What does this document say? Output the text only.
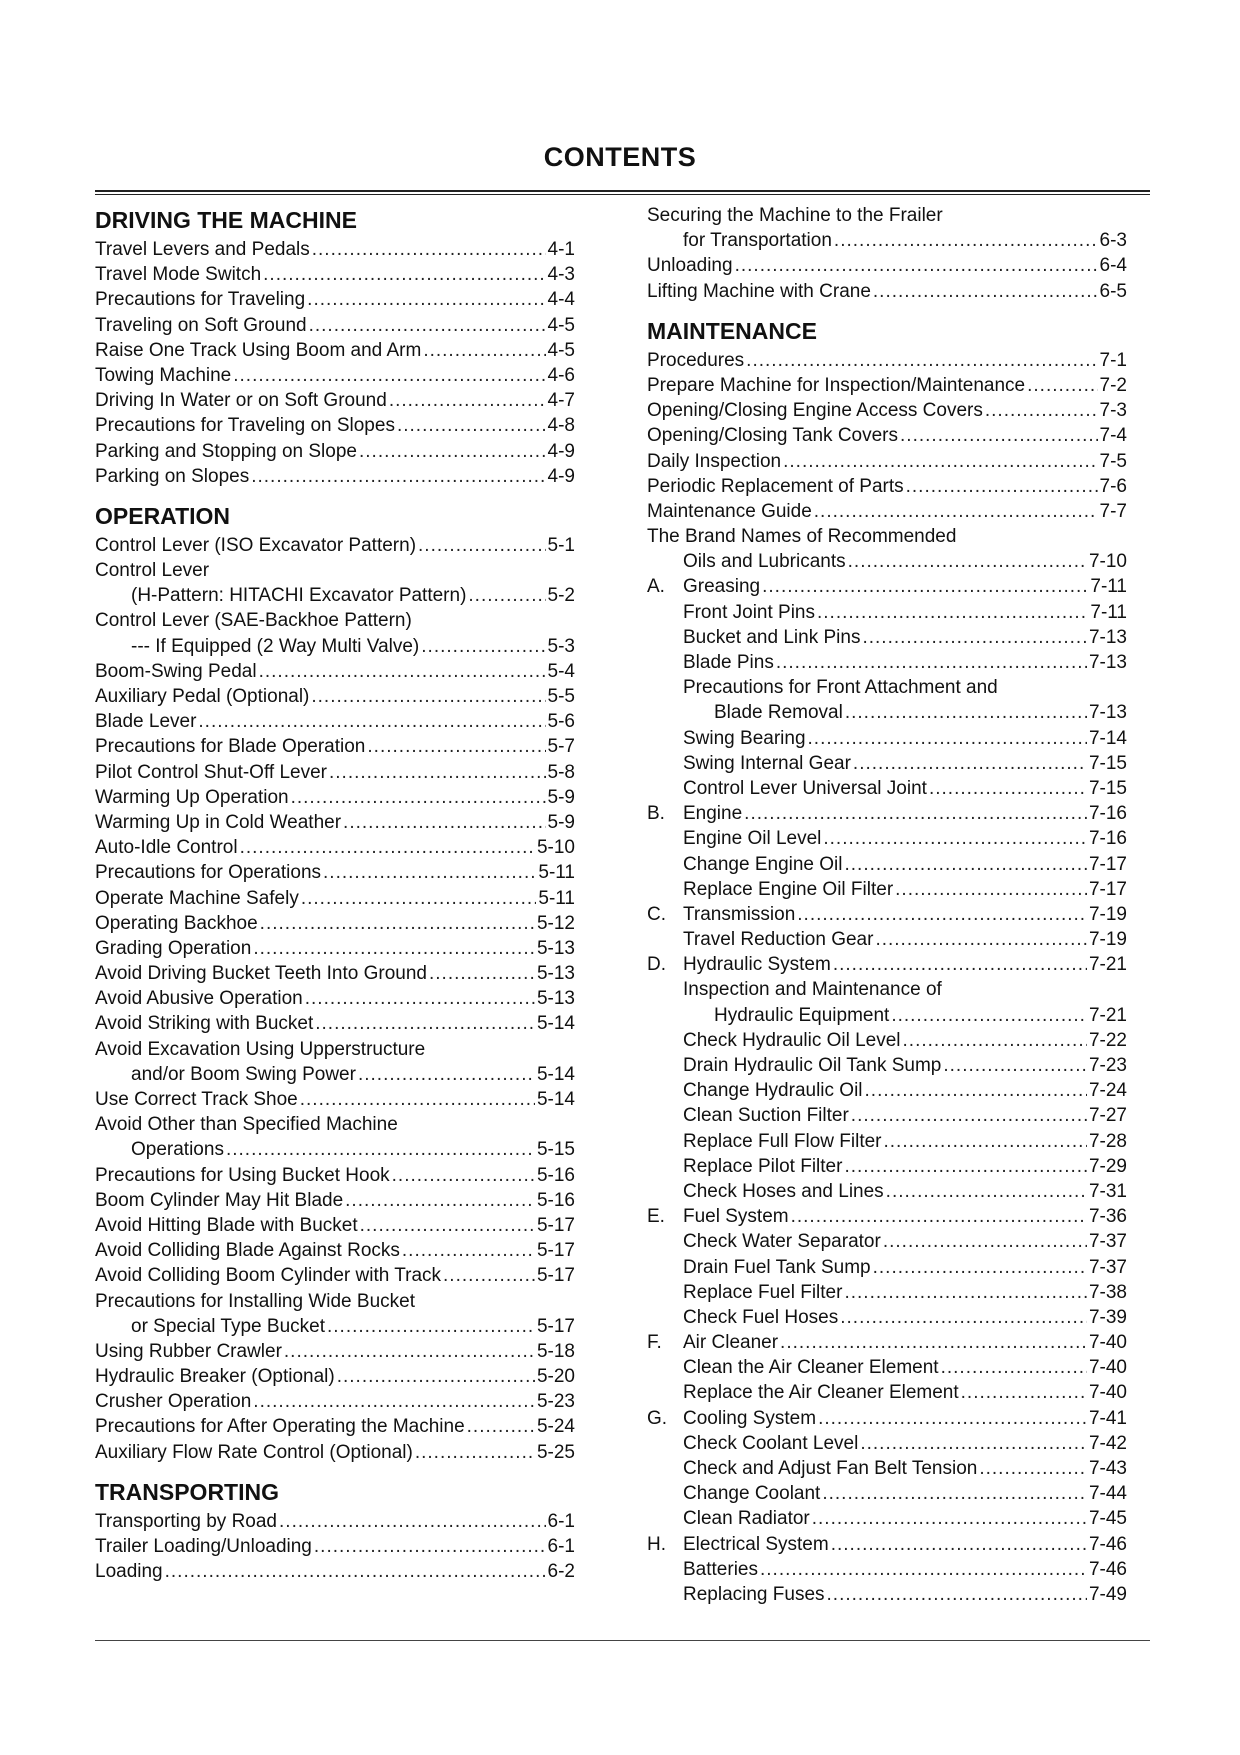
CONTENTS
DRIVING THE MACHINE
Travel Levers and Pedals .....	4-1
Travel Mode Switch .....	4-3
Precautions for Traveling .....	4-4
Traveling on Soft Ground .....	4-5
Raise One Track Using Boom and Arm .....	4-5
Towing Machine .....	4-6
Driving In Water or on Soft Ground .....	4-7
Precautions for Traveling on Slopes .....	4-8
Parking and Stopping on Slope .....	4-9
Parking on Slopes .....	4-9
OPERATION
Control Lever (ISO Excavator Pattern) .....	5-1
Control Lever
(H-Pattern: HITACHI Excavator Pattern) .....	5-2
Control Lever (SAE-Backhoe Pattern)
--- If Equipped (2 Way Multi Valve) .....	5-3
Boom-Swing Pedal .....	5-4
Auxiliary Pedal (Optional) .....	5-5
Blade Lever .....	5-6
Precautions for Blade Operation .....	5-7
Pilot Control Shut-Off Lever .....	5-8
Warming Up Operation .....	5-9
Warming Up in Cold Weather .....	5-9
Auto-Idle Control .....	5-10
Precautions for Operations .....	5-11
Operate Machine Safely .....	5-11
Operating Backhoe .....	5-12
Grading Operation .....	5-13
Avoid Driving Bucket Teeth Into Ground .....	5-13
Avoid Abusive Operation .....	5-13
Avoid Striking with Bucket .....	5-14
Avoid Excavation Using Upperstructure
and/or Boom Swing Power .....	5-14
Use Correct Track Shoe .....	5-14
Avoid Other than Specified Machine
Operations .....	5-15
Precautions for Using Bucket Hook .....	5-16
Boom Cylinder May Hit Blade .....	5-16
Avoid Hitting Blade with Bucket .....	5-17
Avoid Colliding Blade Against Rocks .....	5-17
Avoid Colliding Boom Cylinder with Track .....	5-17
Precautions for Installing Wide Bucket
or Special Type Bucket .....	5-17
Using Rubber Crawler .....	5-18
Hydraulic Breaker (Optional) .....	5-20
Crusher Operation .....	5-23
Precautions for After Operating the Machine .....	5-24
Auxiliary Flow Rate Control (Optional) .....	5-25
TRANSPORTING
Transporting by Road .....	6-1
Trailer Loading/Unloading .....	6-1
Loading .....	6-2
Securing the Machine to the Frailer
for Transportation .....	6-3
Unloading .....	6-4
Lifting Machine with Crane .....	6-5
MAINTENANCE
Procedures .....	7-1
Prepare Machine for Inspection/Maintenance .....	7-2
Opening/Closing Engine Access Covers .....	7-3
Opening/Closing Tank Covers .....	7-4
Daily Inspection .....	7-5
Periodic Replacement of Parts .....	7-6
Maintenance Guide .....	7-7
The Brand Names of Recommended
Oils and Lubricants .....	7-10
A. Greasing .....	7-11
Front Joint Pins .....	7-11
Bucket and Link Pins .....	7-13
Blade Pins .....	7-13
Precautions for Front Attachment and
Blade Removal .....	7-13
Swing Bearing .....	7-14
Swing Internal Gear .....	7-15
Control Lever Universal Joint .....	7-15
B. Engine .....	7-16
Engine Oil Level .....	7-16
Change Engine Oil .....	7-17
Replace Engine Oil Filter .....	7-17
C. Transmission .....	7-19
Travel Reduction Gear .....	7-19
D. Hydraulic System .....	7-21
Inspection and Maintenance of
Hydraulic Equipment .....	7-21
Check Hydraulic Oil Level .....	7-22
Drain Hydraulic Oil Tank Sump .....	7-23
Change Hydraulic Oil .....	7-24
Clean Suction Filter .....	7-27
Replace Full Flow Filter .....	7-28
Replace Pilot Filter .....	7-29
Check Hoses and Lines .....	7-31
E. Fuel System .....	7-36
Check Water Separator .....	7-37
Drain Fuel Tank Sump .....	7-37
Replace Fuel Filter .....	7-38
Check Fuel Hoses .....	7-39
F.	Air Cleaner .....	7-40
Clean the Air Cleaner Element .....	7-40
Replace the Air Cleaner Element .....	7-40
G. Cooling System .....	7-41
Check Coolant Level .....	7-42
Check and Adjust Fan Belt Tension .....	7-43
Change Coolant .....	7-44
Clean Radiator .....	7-45
H. Electrical System .....	7-46
Batteries .....	7-46
Replacing Fuses .....	7-49
